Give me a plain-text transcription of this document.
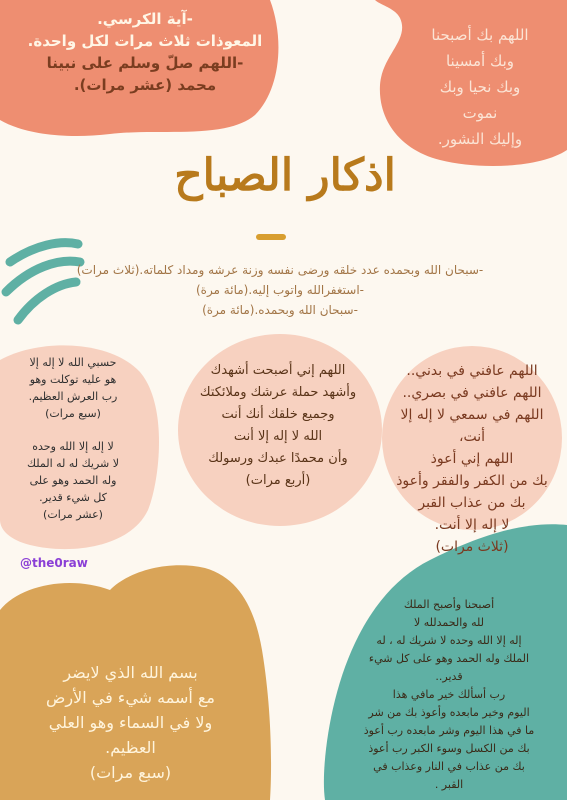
-آية الكرسي.
المعوذات ثلاث مرات لكل واحدة.
-اللهم صلّ وسلم على نبينا
محمد (عشر مرات).
اللهم بك أصبحنا
وبك أمسينا
وبك نحيا وبك
نموت
وإليك النشور.
اذكار الصباح
-سبحان الله وبحمده عدد خلقه ورضى نفسه وزنة عرشه ومداد كلماته.(ثلاث مرات)
-استغفرالله واتوب إليه.(مائة مرة)
-سبحان الله وبحمده.(مائة مرة)
حسبي الله لا إله إلا
هو عليه توكلت وهو
رب العرش العظيم.
(سبع مرات)
لا إله إلا الله وحده
لا شريك له له الملك
وله الحمد وهو على
كل شيء قدير.
(عشر مرات)
اللهم إني أصبحت أشهدك
وأشهد حملة عرشك وملائكتك
وجميع خلقك أنك أنت
الله لا إله إلا أنت
وأن محمدًا عبدك ورسولك
(أربع مرات)
اللهم عافني في بدني..
اللهم عافني في بصري..
اللهم في سمعي لا إله إلا أنت،
اللهم إني أعوذ
بك من الكفر والفقر وأعوذ
بك من عذاب القبر
لا إله إلا أنت.
(ثلاث مرات)
@the0raw
بسم الله الذي لايضر
مع أسمه شيء في الأرض
ولا في السماء وهو العلي
العظيم.
(سبع مرات)
أصبحنا وأصبح الملك
لله والحمدلله لا
إله إلا الله وحده لا شريك له ، له
الملك وله الحمد وهو على كل شيء
قدير..
رب أسألك خير مافي هذا
اليوم وخير مابعده وأعوذ بك من شر
ما في هذا اليوم وشر مابعده رب أعوذ
بك من الكسل وسوء الكبر رب أعوذ
بك من عذاب في النار وعذاب في
القبر .
